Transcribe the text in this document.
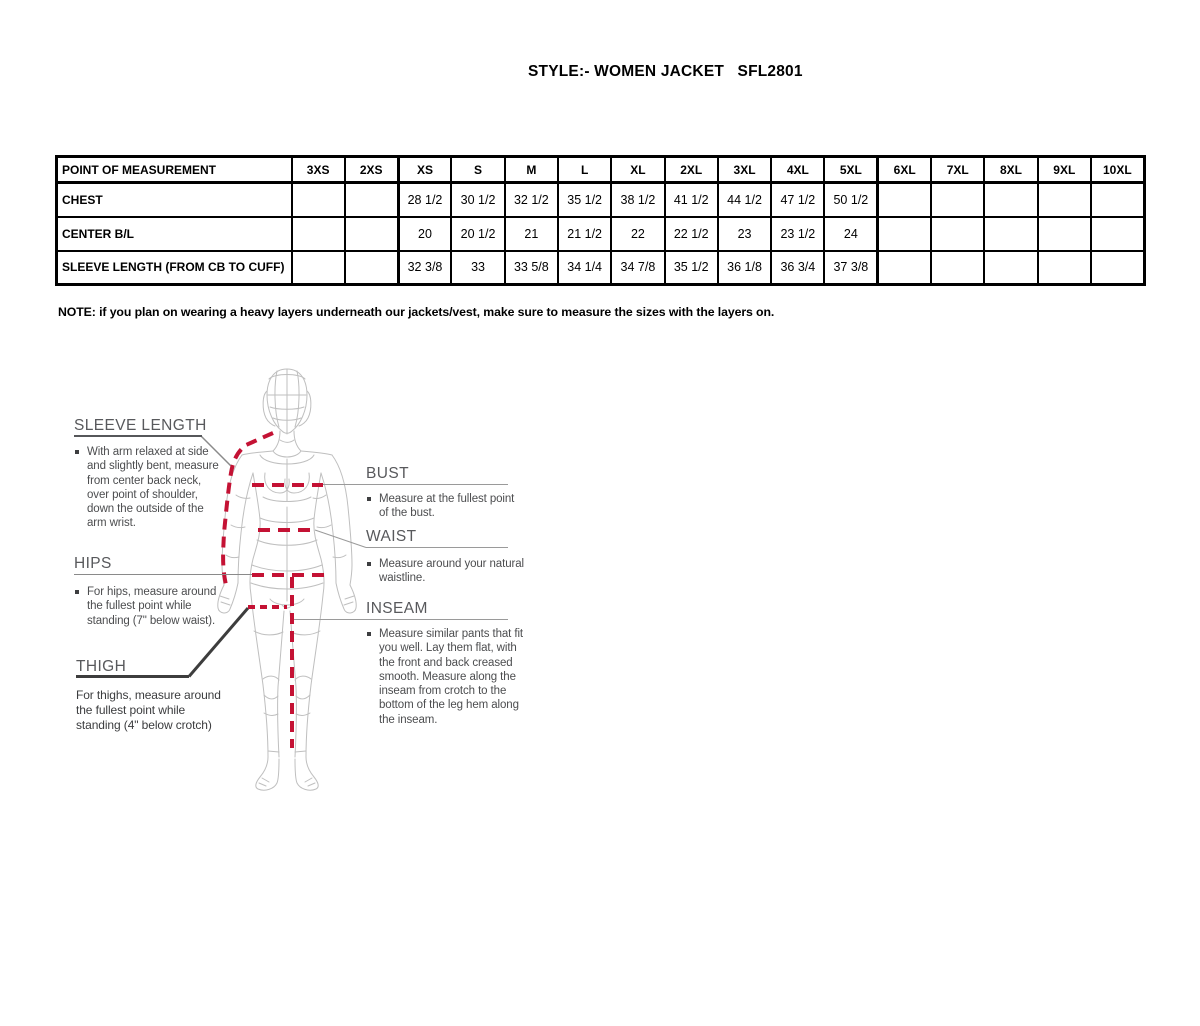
STYLE:- WOMEN JACKET   SFL2801
POINT OF MEASUREMENT	3XS	2XS	XS	S	M	L	XL	2XL	3XL	4XL	5XL	6XL	7XL	8XL	9XL	10XL
CHEST			28 1/2	30 1/2	32 1/2	35 1/2	38 1/2	41 1/2	44 1/2	47 1/2	50 1/2					
CENTER B/L			20	20 1/2	21	21 1/2	22	22 1/2	23	23 1/2	24					
SLEEVE LENGTH (FROM CB TO CUFF)			32 3/8	33	33 5/8	34 1/4	34 7/8	35 1/2	36 1/8	36 3/4	37 3/8					
NOTE: if you plan on wearing a heavy layers underneath our jackets/vest, make sure to measure the sizes with the layers on.
SLEEVE LENGTH
With arm relaxed at side and slightly bent, measure from center back neck, over point of shoulder, down the outside of the arm wrist.
HIPS
For hips, measure around the fullest point while standing (7" below waist).
THIGH
For thighs, measure around the fullest point while standing (4" below crotch)
BUST
Measure at the fullest point of the bust.
WAIST
Measure around your natural waistline.
INSEAM
Measure similar pants that fit you well. Lay them flat, with the front and back creased smooth. Measure along the inseam from crotch to the bottom of the leg hem along the inseam.
